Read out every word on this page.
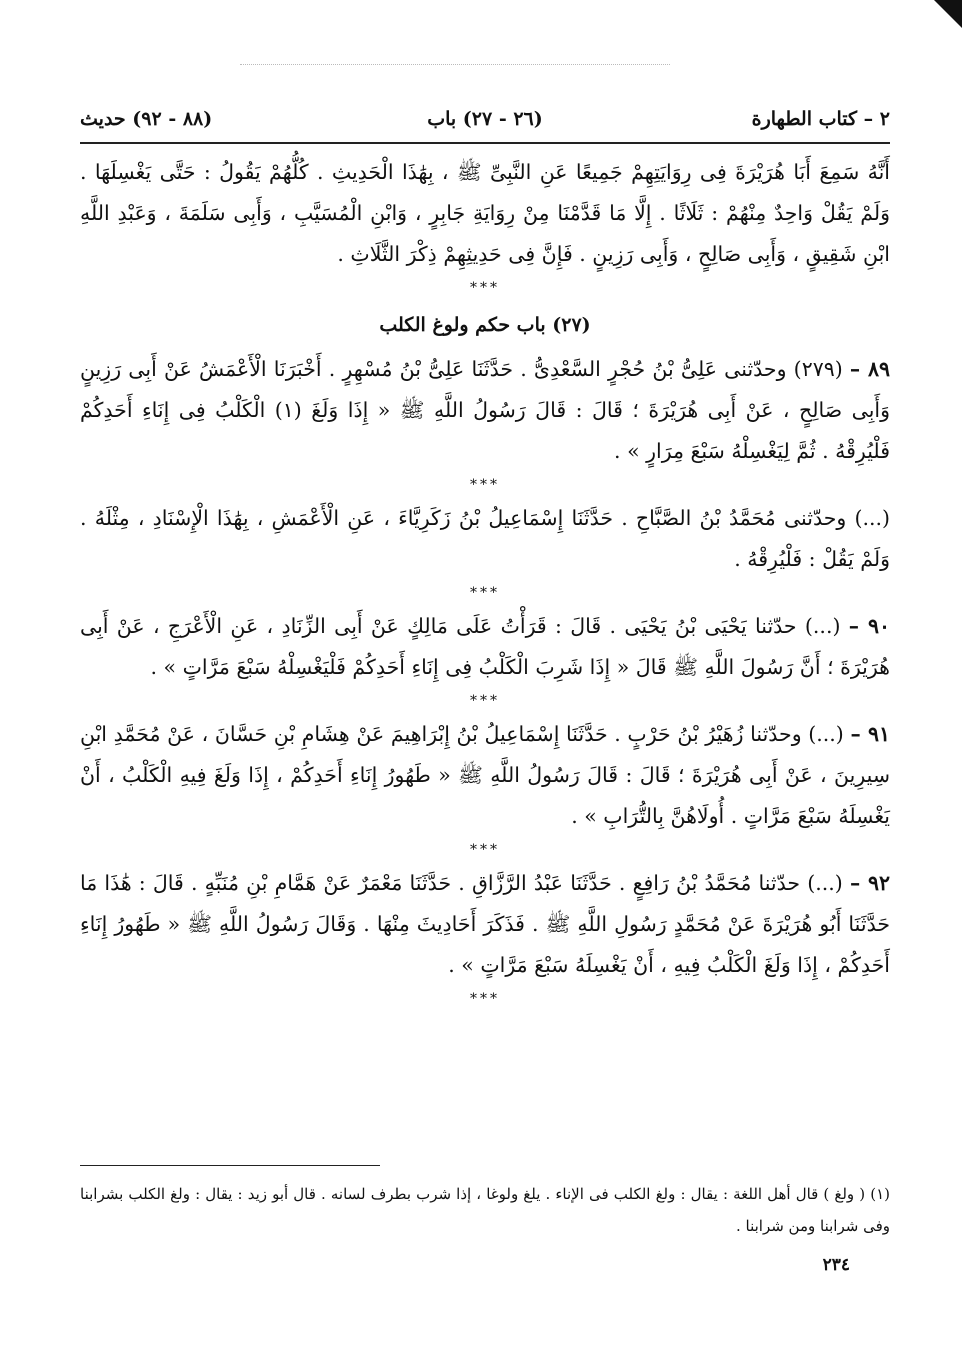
٢ – كتاب الطهارة
(٢٦ - ٢٧) باب
(٨٨ - ٩٢) حديث

أَنَّهُ سَمِعَ أَبَا هُرَيْرَةَ فِى رِوَايَتِهِمْ جَمِيعًا عَنِ النَّبِىِّ ﷺ ، بِهَٰذَا الْحَدِيثِ . كُلُّهُمْ يَقُولُ : حَتَّى يَغْسِلَهَا . وَلَمْ يَقُلْ وَاحِدٌ مِنْهُمْ : ثَلَاثًا . إِلَّا مَا قَدَّمْنَا مِنْ رِوَايَةِ جَابِرٍ ، وَابْنِ الْمُسَيَّبِ ، وَأَبِى سَلَمَةَ ، وَعَبْدِ اللَّهِ ابْنِ شَقِيقٍ ، وَأَبِى صَالِحٍ ، وَأَبِى رَزِينٍ . فَإِنَّ فِى حَدِيثِهِمْ ذِكْرَ الثَّلَاثِ .

***
(٢٧) باب حكم ولوغ الكلب

٨٩ – (٢٧٩) وحدّثنى عَلِىُّ بْنُ حُجْرٍ السَّعْدِىُّ . حَدَّثَنَا عَلِىُّ بْنُ مُسْهِرٍ . أَخْبَرَنَا الْأَعْمَشُ عَنْ أَبِى رَزِينٍ وَأَبِى صَالِحٍ ، عَنْ أَبِى هُرَيْرَةَ ؛ قَالَ : قَالَ رَسُولُ اللَّهِ ﷺ « إِذَا وَلَغَ (١) الْكَلْبُ فِى إِنَاءِ أَحَدِكُمْ فَلْيُرِقْهُ . ثُمَّ لِيَغْسِلْهُ سَبْعَ مِرَارٍ » .

***

(...) وحدّثنى مُحَمَّدُ بْنُ الصَّبَّاحِ . حَدَّثَنَا إِسْمَاعِيلُ بْنُ زَكَرِيَّاءَ ، عَنِ الْأَعْمَشِ ، بِهَٰذَا الْإِسْنَادِ ، مِثْلَهُ . وَلَمْ يَقُلْ : فَلْيُرِقْهُ .

***

٩٠ – (...) حدّثنا يَحْيَى بْنُ يَحْيَى . قَالَ : قَرَأْتُ عَلَى مَالِكٍ عَنْ أَبِى الزِّنَادِ ، عَنِ الْأَعْرَجِ ، عَنْ أَبِى هُرَيْرَةَ ؛ أَنَّ رَسُولَ اللَّهِ ﷺ قَالَ « إِذَا شَرِبَ الْكَلْبُ فِى إِنَاءِ أَحَدِكُمْ فَلْيَغْسِلْهُ سَبْعَ مَرَّاتٍ » .

***

٩١ – (...) وحدّثنا زُهَيْرُ بْنُ حَرْبٍ . حَدَّثَنَا إِسْمَاعِيلُ بْنُ إِبْرَاهِيمَ عَنْ هِشَامِ بْنِ حَسَّانَ ، عَنْ مُحَمَّدِ ابْنِ سِيرِينَ ، عَنْ أَبِى هُرَيْرَةَ ؛ قَالَ : قَالَ رَسُولُ اللَّهِ ﷺ « طَهُورُ إِنَاءِ أَحَدِكُمْ ، إِذَا وَلَغَ فِيهِ الْكَلْبُ ، أَنْ يَغْسِلَهُ سَبْعَ مَرَّاتٍ . أُولَاهُنَّ بِالتُّرَابِ » .

***

٩٢ – (...) حدّثنا مُحَمَّدُ بْنُ رَافِعٍ . حَدَّثَنَا عَبْدُ الرَّزَّاقِ . حَدَّثَنَا مَعْمَرٌ عَنْ هَمَّامِ بْنِ مُنَبِّهٍ . قَالَ : هَٰذَا مَا حَدَّثَنَا أَبُو هُرَيْرَةَ عَنْ مُحَمَّدٍ رَسُولِ اللَّهِ ﷺ . فَذَكَرَ أَحَادِيثَ مِنْهَا . وَقَالَ رَسُولُ اللَّهِ ﷺ « طَهُورُ إِنَاءِ أَحَدِكُمْ ، إِذَا وَلَغَ الْكَلْبُ فِيهِ ، أَنْ يَغْسِلَهُ سَبْعَ مَرَّاتٍ » .

***
(١) ( ولغ ) قال أهل اللغة : يقال : ولغ الكلب فى الإناء . يلغ ولوغا ، إذا شرب بطرف لسانه . قال أبو زيد : يقال : ولغ الكلب بشرابنا وفى شرابنا ومن شرابنا .
٢٣٤
